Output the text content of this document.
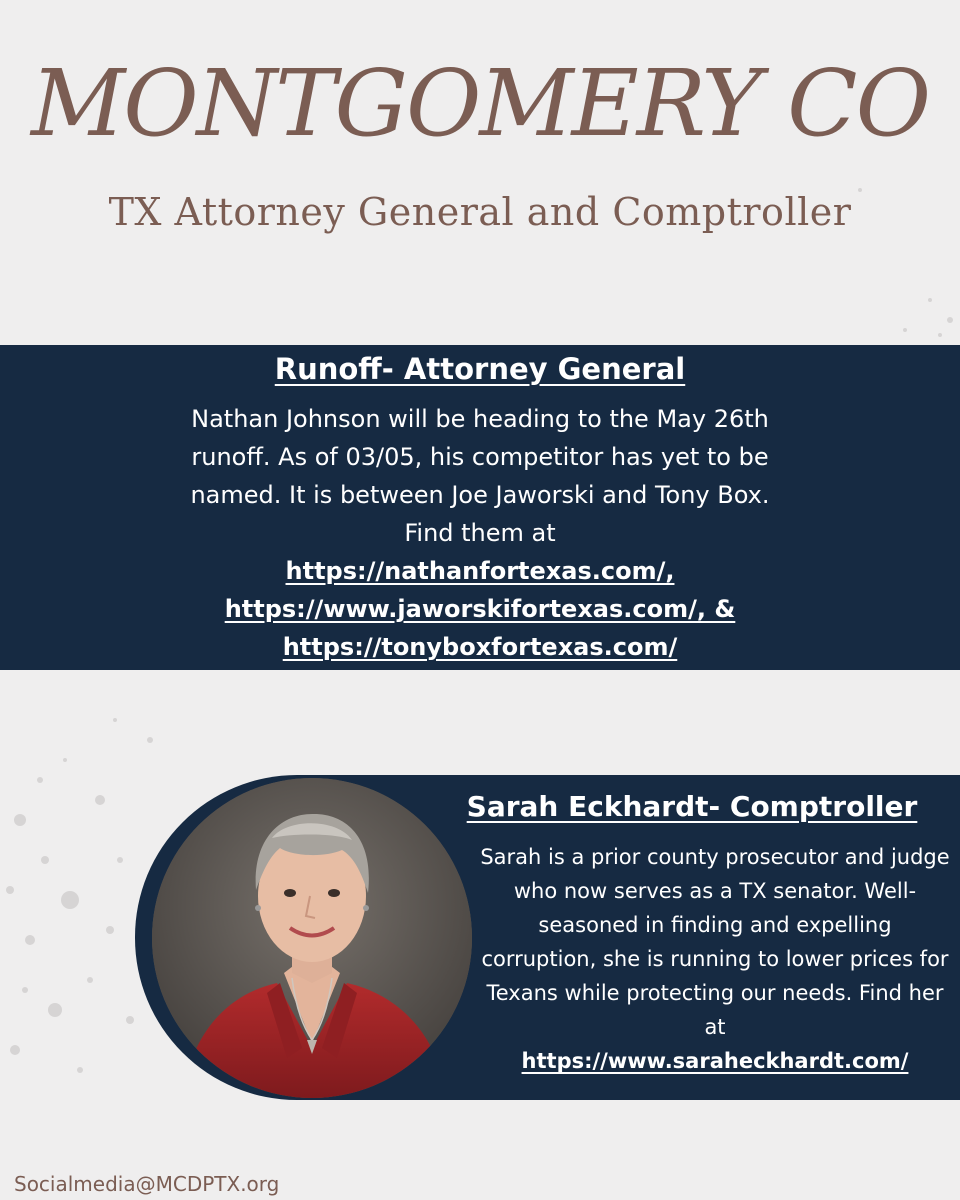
MONTGOMERY CO
TX Attorney General and Comptroller
Runoff- Attorney General
Nathan Johnson will be heading to the May 26th runoff. As of 03/05, his competitor has yet to be named. It is between Joe Jaworski and Tony Box. Find them at
https://nathanfortexas.com/,
https://www.jaworskifortexas.com/, &
https://tonyboxfortexas.com/
Sarah Eckhardt- Comptroller
Sarah is a prior county prosecutor and judge who now serves as a TX senator. Well-seasoned in finding and expelling corruption, she is running to lower prices for Texans while protecting our needs. Find her at
https://www.saraheckhardt.com/
Socialmedia@MCDPTX.org
